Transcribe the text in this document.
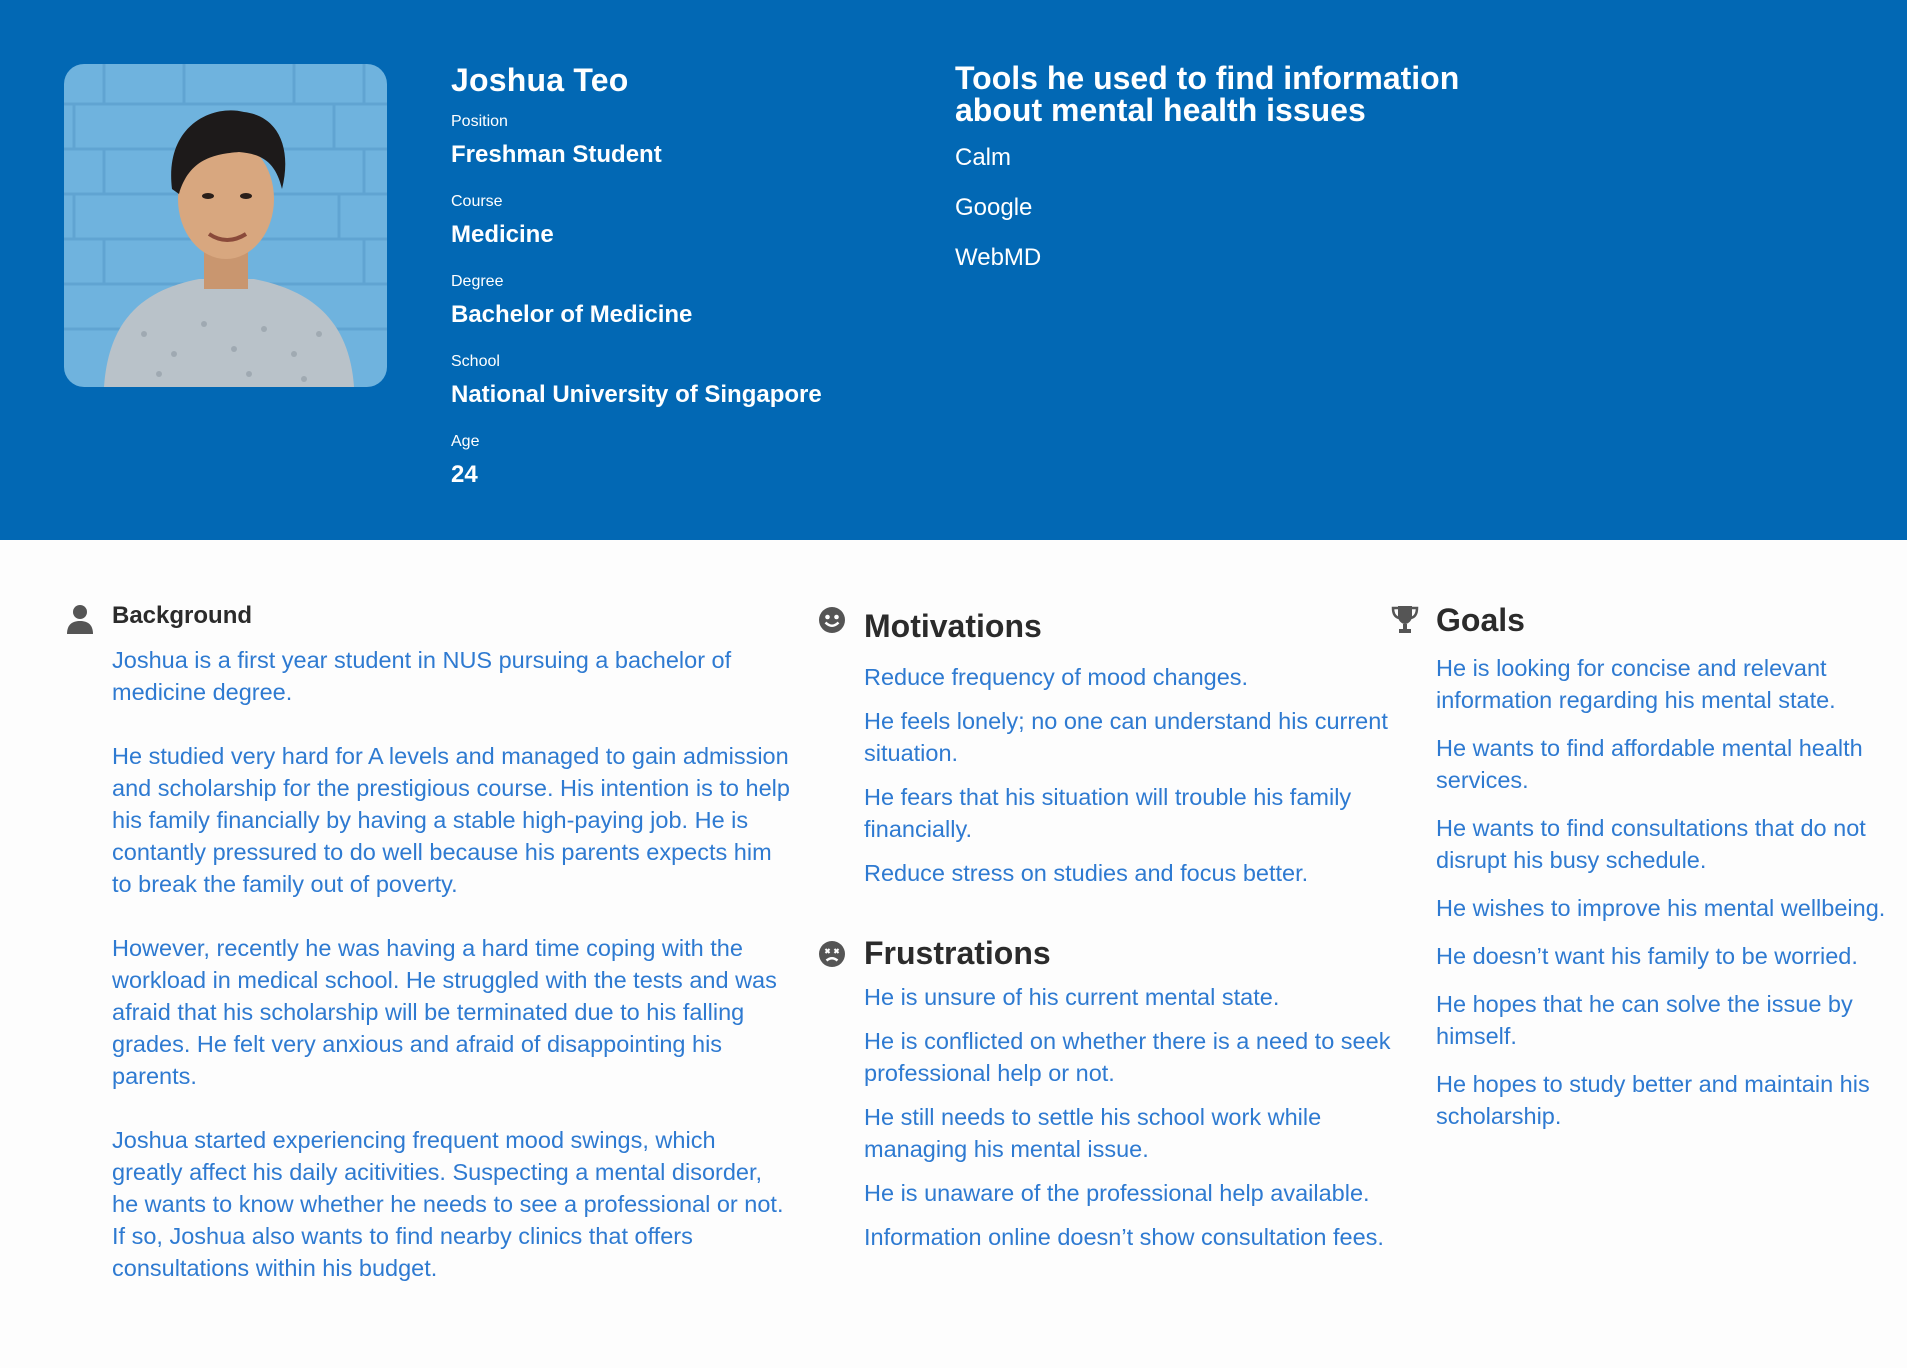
Joshua Teo

Position

Freshman Student

Course

Medicine

Degree

Bachelor of Medicine

School

National University of Singapore

Age

24

Tools he used to find information about mental health issues

Calm

Google

WebMD

Background

Joshua is a first year student in NUS pursuing a bachelor of medicine degree.

He studied very hard for A levels and managed to gain admission and scholarship for the prestigious course. His intention is to help his family financially by having a stable high-paying job. He is contantly pressured to do well because his parents expects him to break the family out of poverty.

However, recently he was having a hard time coping with the workload in medical school. He struggled with the tests and was afraid that his scholarship will be terminated due to his falling grades. He felt very anxious and afraid of disappointing his parents.

Joshua started experiencing frequent mood swings, which greatly affect his daily acitivities. Suspecting a mental disorder, he wants to know whether he needs to see a professional or not. If so, Joshua also wants to find nearby clinics that offers consultations within his budget.

Motivations

Reduce frequency of mood changes.

He feels lonely; no one can understand his current situation.

He fears that his situation will trouble his family financially.

Reduce stress on studies and focus better.

Frustrations

He is unsure of his current mental state.

He is conflicted on whether there is a need to seek professional help or not.

He still needs to settle his school work while managing his mental issue.

He is unaware of the professional help available.

Information online doesn’t show consultation fees.

Goals

He is looking for concise and relevant information regarding his mental state.

He wants to find affordable mental health services.

He wants to find consultations that do not disrupt his busy schedule.

He wishes to improve his mental wellbeing.

He doesn’t want his family to be worried.

He hopes that he can solve the issue by himself.

He hopes to study better and maintain his scholarship.
